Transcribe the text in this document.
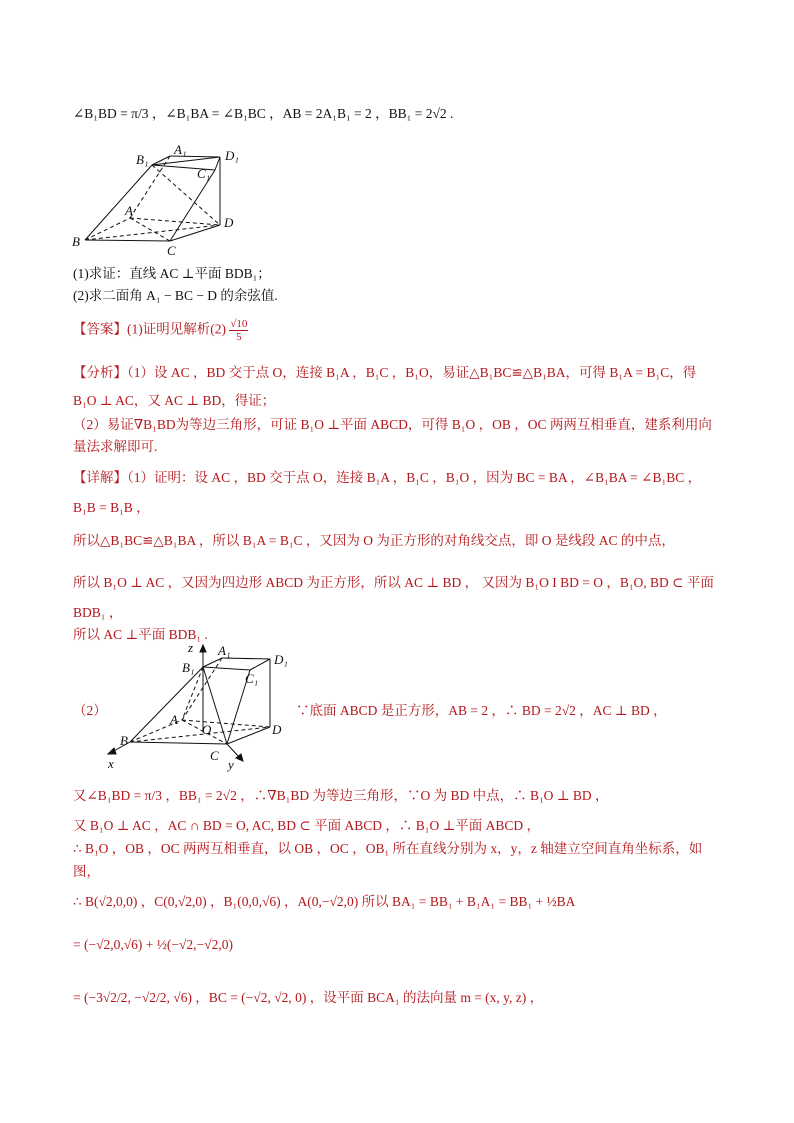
∠B₁BD = π/3 ，∠B₁BA = ∠B₁BC ，AB = 2A₁B₁ = 2 ，BB₁ = 2√2 .
A₁
B₁	D₁
C₁
A
D
B
C
(1)求证：直线 AC ⊥平面 BDB₁；
(2)求二面角 A₁ − BC − D 的余弦值.
【答案】(1)证明见解析$(2) \frac{√10}{5}$
【分析】（1）设 AC ，BD 交于点 O，连接 B₁A ，B₁C ，B₁O，易证△B₁BC≌△B₁BA，可得 B₁A = B₁C，得
B₁O ⊥ AC，又 AC ⊥ BD，得证；
（2）易证∇B₁BD为等边三角形，可证 B₁O ⊥平面 ABCD，可得 B₁O ，OB ，OC 两两互相垂直，建系利用向
量法求解即可.
【详解】（1）证明：设 AC ，BD 交于点 O，连接 B₁A ，B₁C ，B₁O ，因为 BC = BA ，∠B₁BA = ∠B₁BC ，
B₁B = B₁B ，
所以△B₁BC≌△B₁BA ，所以 B₁A = B₁C ，又因为 O 为正方形的对角线交点，即 O 是线段 AC 的中点，
所以 B₁O ⊥ AC ，又因为四边形 ABCD 为正方形，所以 AC ⊥ BD ， 又因为 B₁O I BD = O ，B₁O, BD ⊂ 平面
BDB₁ ，
所以 AC ⊥平面 BDB₁ .
（2）
z A₁
D₁
B₁
C₁
A
O	D
B
C
x	y
∵底面 ABCD 是正方形，AB = 2 ，∴ BD = 2√2 ，AC ⊥ BD ，
又∠B₁BD = π/3 ，BB₁ = 2√2 ，∴∇B₁BD 为等边三角形，∵O 为 BD 中点，∴ B₁O ⊥ BD ，
又 B₁O ⊥ AC ，AC ∩ BD = O, AC, BD ⊂ 平面 ABCD ，∴ B₁O ⊥平面 ABCD ，
∴ B₁O ，OB ，OC 两两互相垂直，以 OB ，OC ，OB₁ 所在直线分别为 x，y，z 轴建立空间直角坐标系，如
图，
∴ B(√2,0,0) ，C(0,√2,0) ，B₁(0,0,√6) ，A(0,−√2,0) 所以 BA₁ = BB₁ + B₁A₁ = BB₁ + ½BA
= (−√2,0,√6) + ½(−√2,−√2,0)
= (−3√2/2, −√2/2, √6) ，BC = (−√2, √2, 0) ，设平面 BCA₁ 的法向量 m = (x, y, z) ，
